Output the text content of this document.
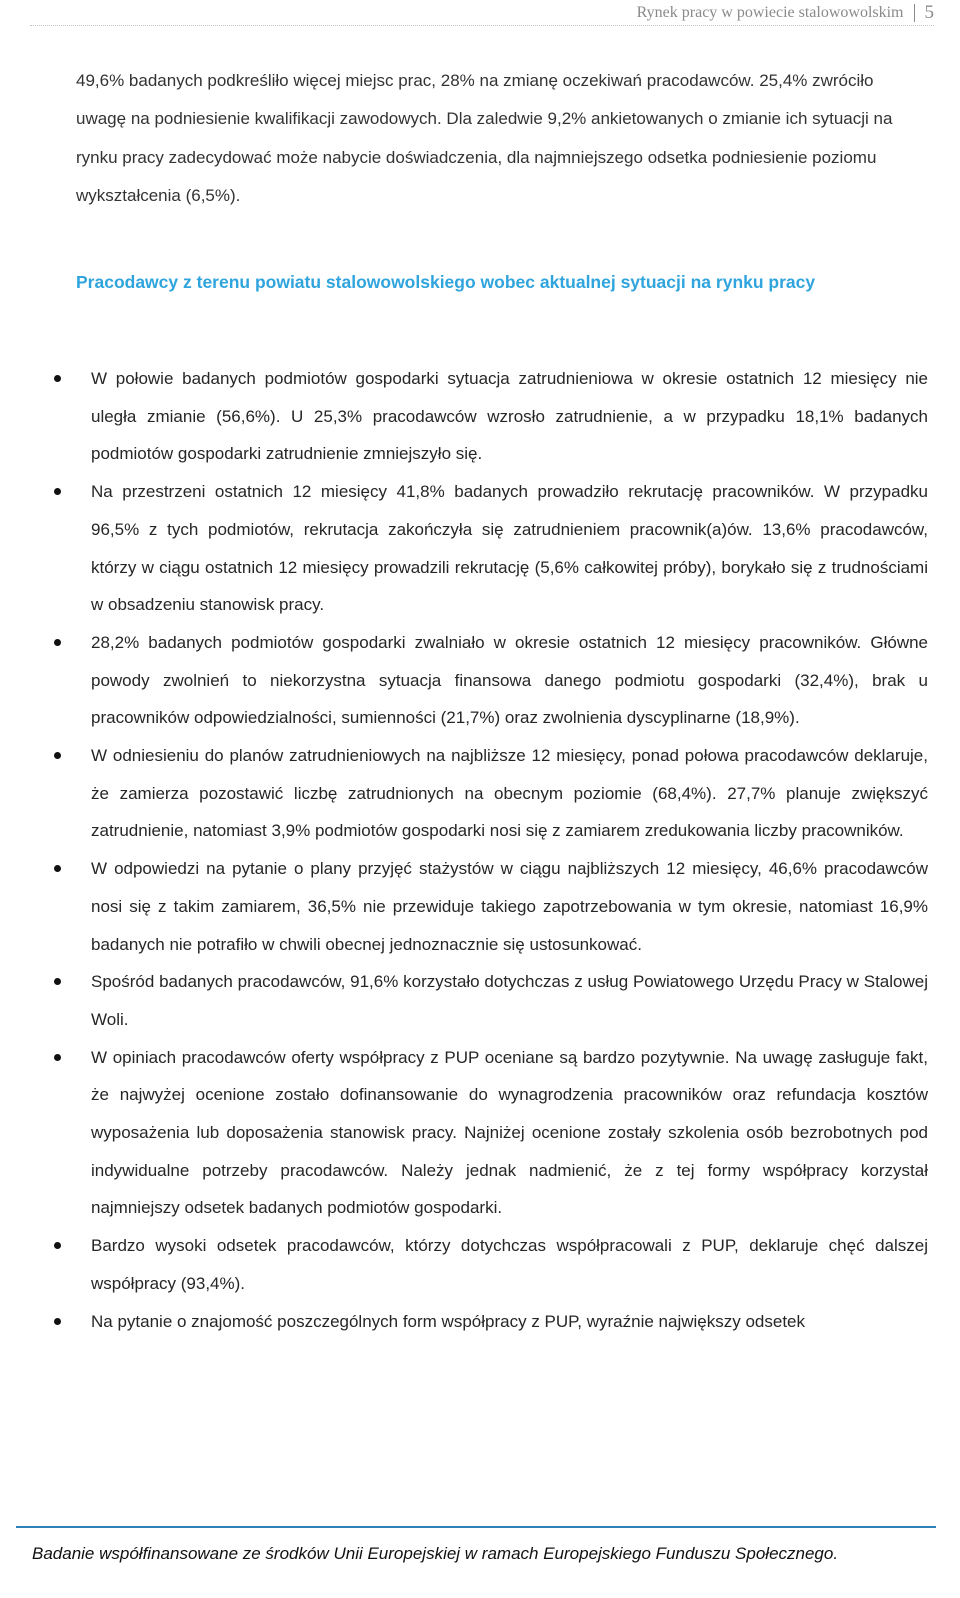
Rynek pracy w powiecie stalowowolskim 5

49,6% badanych podkreśliło więcej miejsc prac, 28% na zmianę oczekiwań pracodawców. 25,4% zwróciło uwagę na podniesienie kwalifikacji zawodowych. Dla zaledwie 9,2% ankietowanych o zmianie ich sytuacji na rynku pracy zadecydować może nabycie doświadczenia, dla najmniejszego odsetka podniesienie poziomu wykształcenia (6,5%).

Pracodawcy z terenu powiatu stalowowolskiego wobec aktualnej sytuacji na rynku pracy
W połowie badanych podmiotów gospodarki sytuacja zatrudnieniowa w okresie ostatnich 12 miesięcy nie uległa zmianie (56,6%). U 25,3% pracodawców wzrosło zatrudnienie, a w przypadku 18,1% badanych podmiotów gospodarki zatrudnienie zmniejszyło się.
Na przestrzeni ostatnich 12 miesięcy 41,8% badanych prowadziło rekrutację pracowników. W przypadku 96,5% z tych podmiotów, rekrutacja zakończyła się zatrudnieniem pracownik(a)ów. 13,6% pracodawców, którzy w ciągu ostatnich 12 miesięcy prowadzili rekrutację (5,6% całkowitej próby), borykało się z trudnościami w obsadzeniu stanowisk pracy.
28,2% badanych podmiotów gospodarki zwalniało w okresie ostatnich 12 miesięcy pracowników. Główne powody zwolnień to niekorzystna sytuacja finansowa danego podmiotu gospodarki (32,4%), brak u pracowników odpowiedzialności, sumienności (21,7%) oraz zwolnienia dyscyplinarne (18,9%).
W odniesieniu do planów zatrudnieniowych na najbliższe 12 miesięcy, ponad połowa pracodawców deklaruje, że zamierza pozostawić liczbę zatrudnionych na obecnym poziomie (68,4%). 27,7% planuje zwiększyć zatrudnienie, natomiast 3,9% podmiotów gospodarki nosi się z zamiarem zredukowania liczby pracowników.
W odpowiedzi na pytanie o plany przyjęć stażystów w ciągu najbliższych 12 miesięcy, 46,6% pracodawców nosi się z takim zamiarem, 36,5% nie przewiduje takiego zapotrzebowania w tym okresie, natomiast 16,9% badanych nie potrafiło w chwili obecnej jednoznacznie się ustosunkować.
Spośród badanych pracodawców, 91,6% korzystało dotychczas z usług Powiatowego Urzędu Pracy w Stalowej Woli.
W opiniach pracodawców oferty współpracy z PUP oceniane są bardzo pozytywnie. Na uwagę zasługuje fakt, że najwyżej ocenione zostało dofinansowanie do wynagrodzenia pracowników oraz refundacja kosztów wyposażenia lub doposażenia stanowisk pracy. Najniżej ocenione zostały szkolenia osób bezrobotnych pod indywidualne potrzeby pracodawców. Należy jednak nadmienić, że z tej formy współpracy korzystał najmniejszy odsetek badanych podmiotów gospodarki.
Bardzo wysoki odsetek pracodawców, którzy dotychczas współpracowali z PUP, deklaruje chęć dalszej współpracy (93,4%).
Na pytanie o znajomość poszczególnych form współpracy z PUP, wyraźnie największy odsetek

Badanie współfinansowane ze środków Unii Europejskiej w ramach Europejskiego Funduszu Społecznego.
